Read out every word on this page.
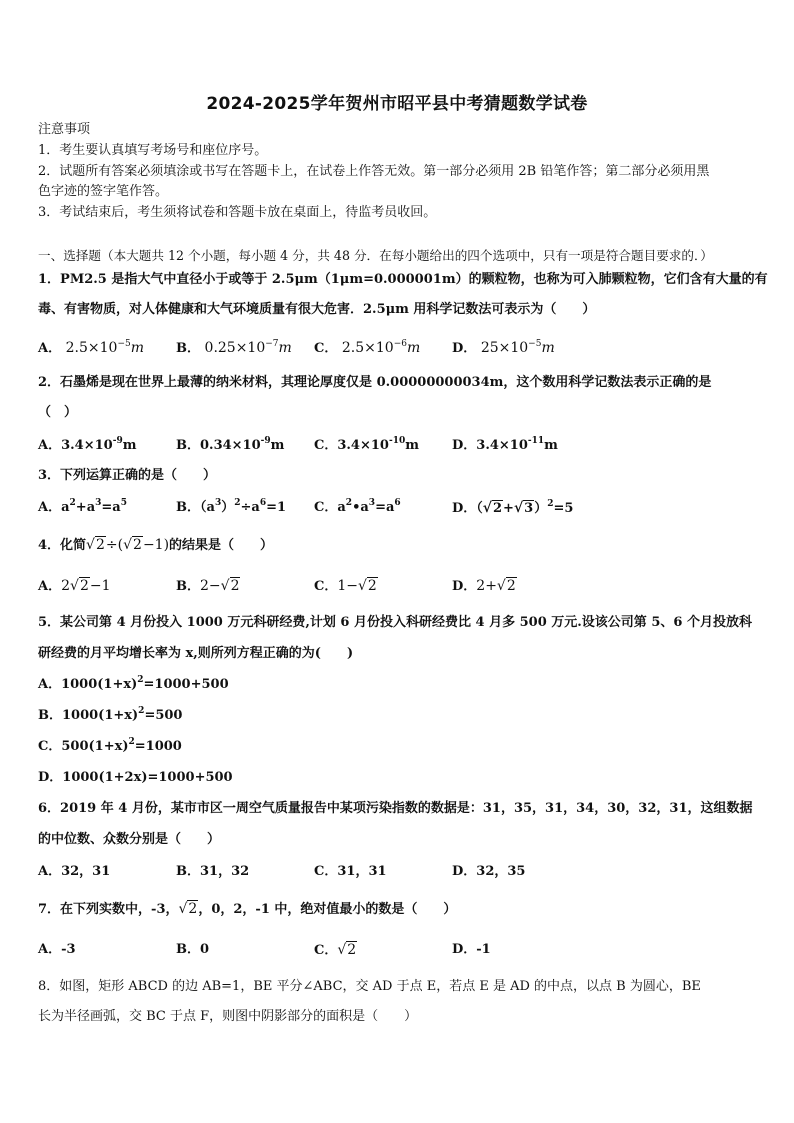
2024-2025学年贺州市昭平县中考猜题数学试卷
注意事项
1．考生要认真填写考场号和座位序号。
2．试题所有答案必须填涂或书写在答题卡上，在试卷上作答无效。第一部分必须用 2B 铅笔作答；第二部分必须用黑
色字迹的签字笔作答。
3．考试结束后，考生须将试卷和答题卡放在桌面上，待监考员收回。
一、选择题（本大题共 12 个小题，每小题 4 分，共 48 分．在每小题给出的四个选项中，只有一项是符合题目要求的．）
1．PM2.5 是指大气中直径小于或等于 2.5μm（1μm=0.000001m）的颗粒物，也称为可入肺颗粒物，它们含有大量的有
毒、有害物质，对人体健康和大气环境质量有很大危害．2.5μm 用科学记数法可表示为（　　）
A． $2.5\times 10^{-5}m$ B． $0.25\times 10^{-7}m$ C． $2.5\times 10^{-6}m$ D． $25\times 10^{-5}m$
2．石墨烯是现在世界上最薄的纳米材料，其理论厚度仅是 0.00000000034m，这个数用科学记数法表示正确的是
（　）
A．$3.4\times 10^{-9}m$	B．$0.34\times 10^{-9}m$ C．$3.4\times 10^{-10}m$	D．$3.4\times 10^{-11}m$
3．下列运算正确的是（　　）
A．$a^2+a^3=a^5$	B．$(a^3)^2\div a^6=1$ C．$a^2•a^3=a^6$	D．$(√2+√3)^2=5$
4．化简√2÷(√2−1)的结果是（　　）
A．2√2−1	B．2−√2	C．1−√2	D．2+√2
5．某公司第 4 月份投入 1000 万元科研经费,计划 6 月份投入科研经费比 4 月多 500 万元.设该公司第 5、6 个月投放科
研经费的月平均增长率为 x,则所列方程正确的为(　　)
A．$1000(1+x)^2=1000+500$
B．$1000(1+x)^2=500$
C．$500(1+x)^2=1000$
D．1000(1+2x)=1000+500
6．2019 年 4 月份，某市市区一周空气质量报告中某项污染指数的数据是：31，35，31，34，30，32，31，这组数据
的中位数、众数分别是（　　）
A．32，31	B．31，32	C．31，31	D．32，35
7．在下列实数中，-3，√2，0，2，-1 中，绝对值最小的数是（　　）
A．-3	B．0	C．√2	D．-1
8．如图，矩形 ABCD 的边 AB=1，BE 平分∠ABC，交 AD 于点 E，若点 E 是 AD 的中点，以点 B 为圆心，BE
长为半径画弧，交 BC 于点 F，则图中阴影部分的面积是（　　）
